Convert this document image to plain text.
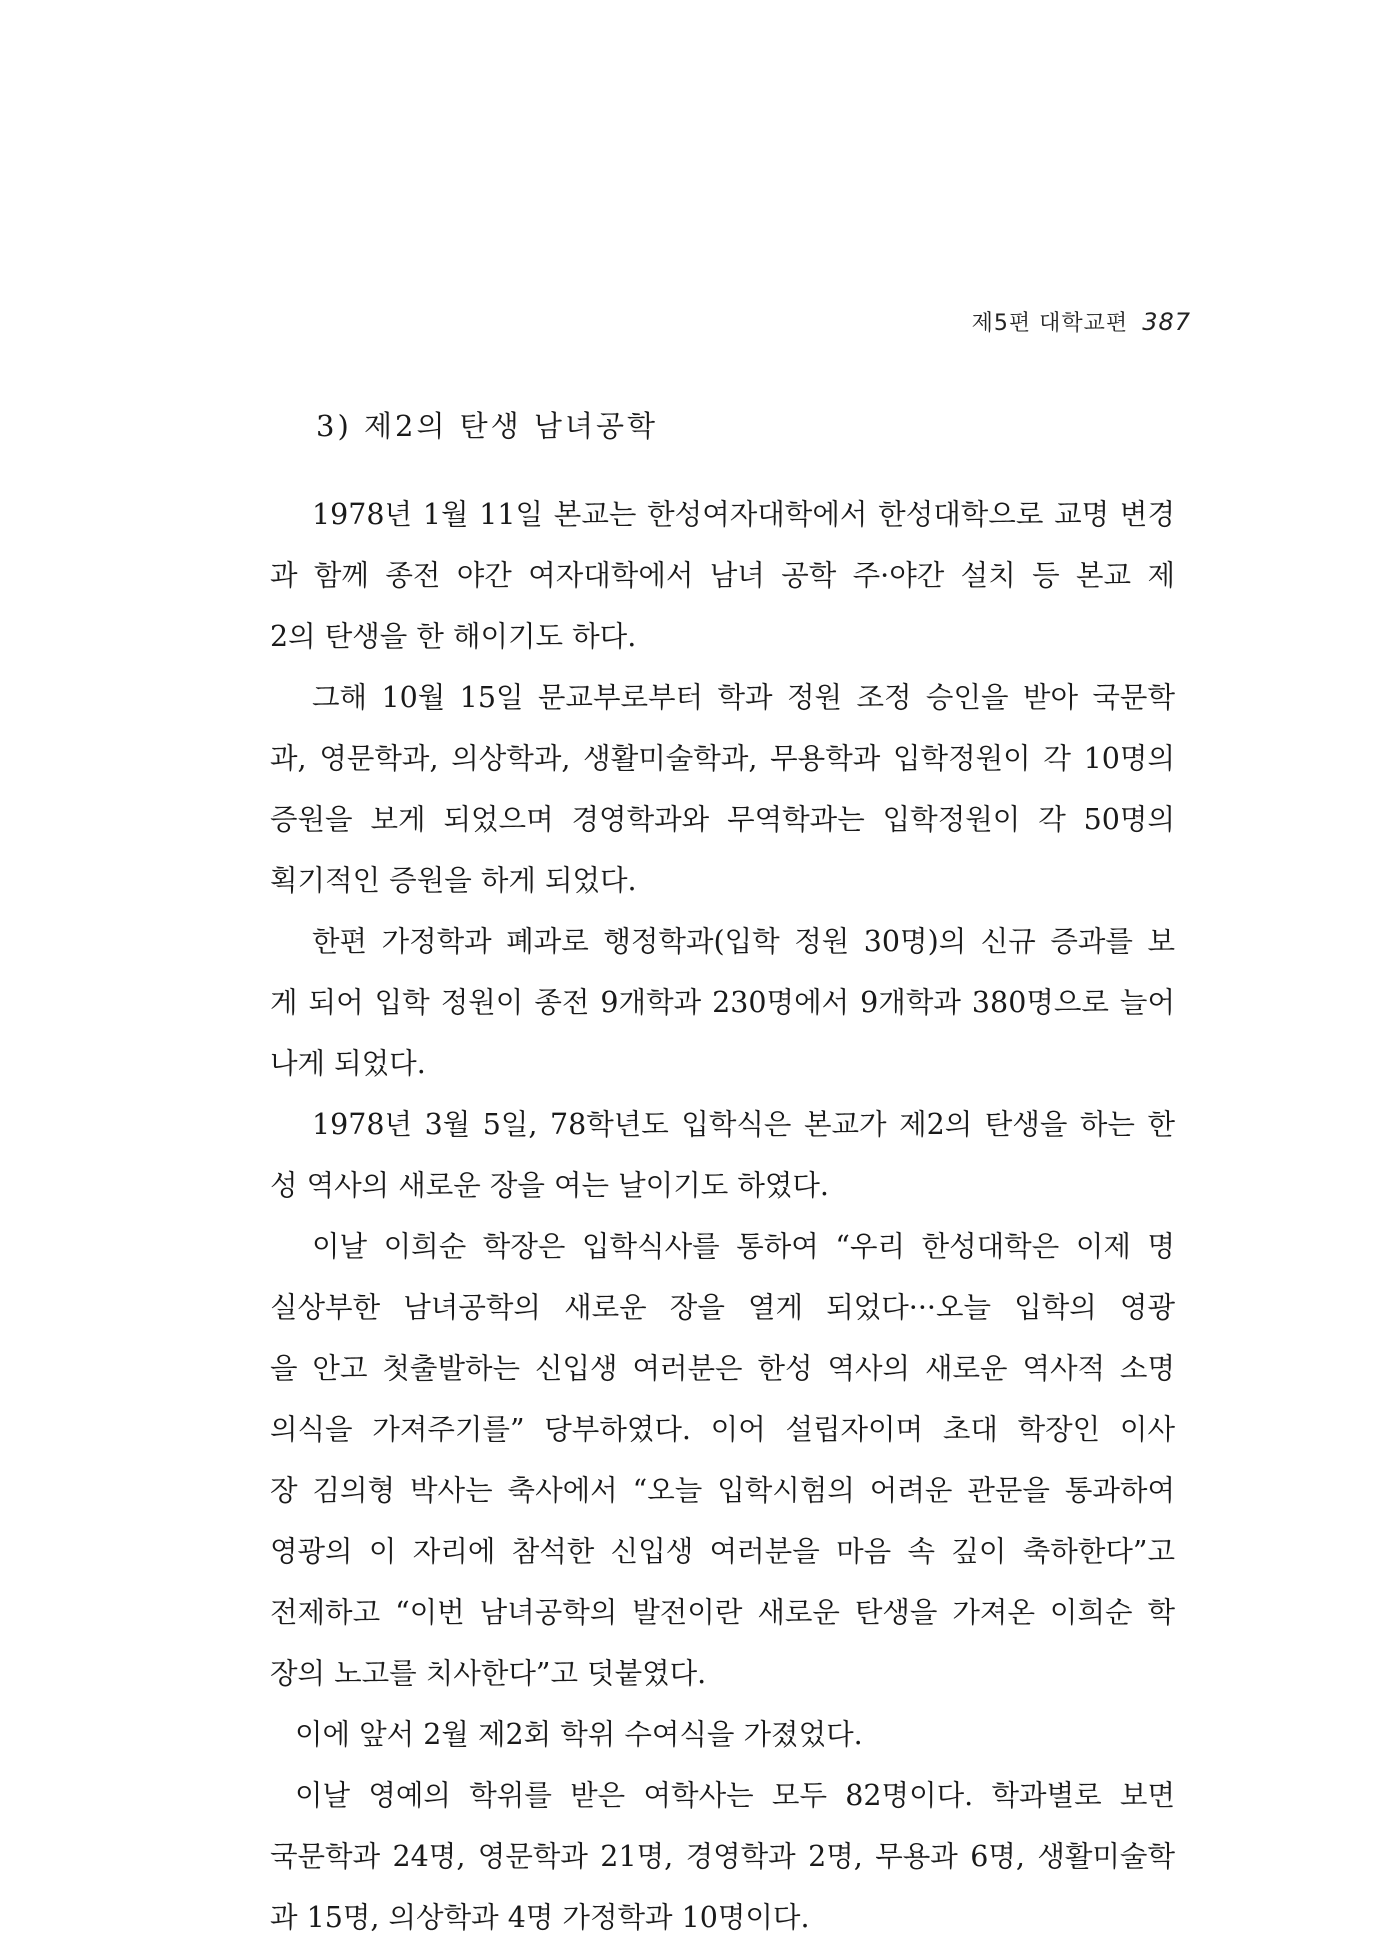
제5편 대학교편 387
3) 제2의 탄생 남녀공학
1978년 1월 11일 본교는 한성여자대학에서 한성대학으로 교명 변경
과 함께 종전 야간 여자대학에서 남녀 공학 주·야간 설치 등 본교 제
2의 탄생을 한 해이기도 하다.
그해 10월 15일 문교부로부터 학과 정원 조정 승인을 받아 국문학
과, 영문학과, 의상학과, 생활미술학과, 무용학과 입학정원이 각 10명의
증원을 보게 되었으며 경영학과와 무역학과는 입학정원이 각 50명의
획기적인 증원을 하게 되었다.
한편 가정학과 폐과로 행정학과(입학 정원 30명)의 신규 증과를 보
게 되어 입학 정원이 종전 9개학과 230명에서 9개학과 380명으로 늘어
나게 되었다.
1978년 3월 5일, 78학년도 입학식은 본교가 제2의 탄생을 하는 한
성 역사의 새로운 장을 여는 날이기도 하였다.
이날 이희순 학장은 입학식사를 통하여 “우리 한성대학은 이제 명
실상부한 남녀공학의 새로운 장을 열게 되었다···오늘 입학의 영광
을 안고 첫출발하는 신입생 여러분은 한성 역사의 새로운 역사적 소명
의식을 가져주기를” 당부하였다. 이어 설립자이며 초대 학장인 이사
장 김의형 박사는 축사에서 “오늘 입학시험의 어려운 관문을 통과하여
영광의 이 자리에 참석한 신입생 여러분을 마음 속 깊이 축하한다”고
전제하고 “이번 남녀공학의 발전이란 새로운 탄생을 가져온 이희순 학
장의 노고를 치사한다”고 덧붙였다.
이에 앞서 2월 제2회 학위 수여식을 가졌었다.
이날 영예의 학위를 받은 여학사는 모두 82명이다. 학과별로 보면
국문학과 24명, 영문학과 21명, 경영학과 2명, 무용과 6명, 생활미술학
과 15명, 의상학과 4명 가정학과 10명이다.
